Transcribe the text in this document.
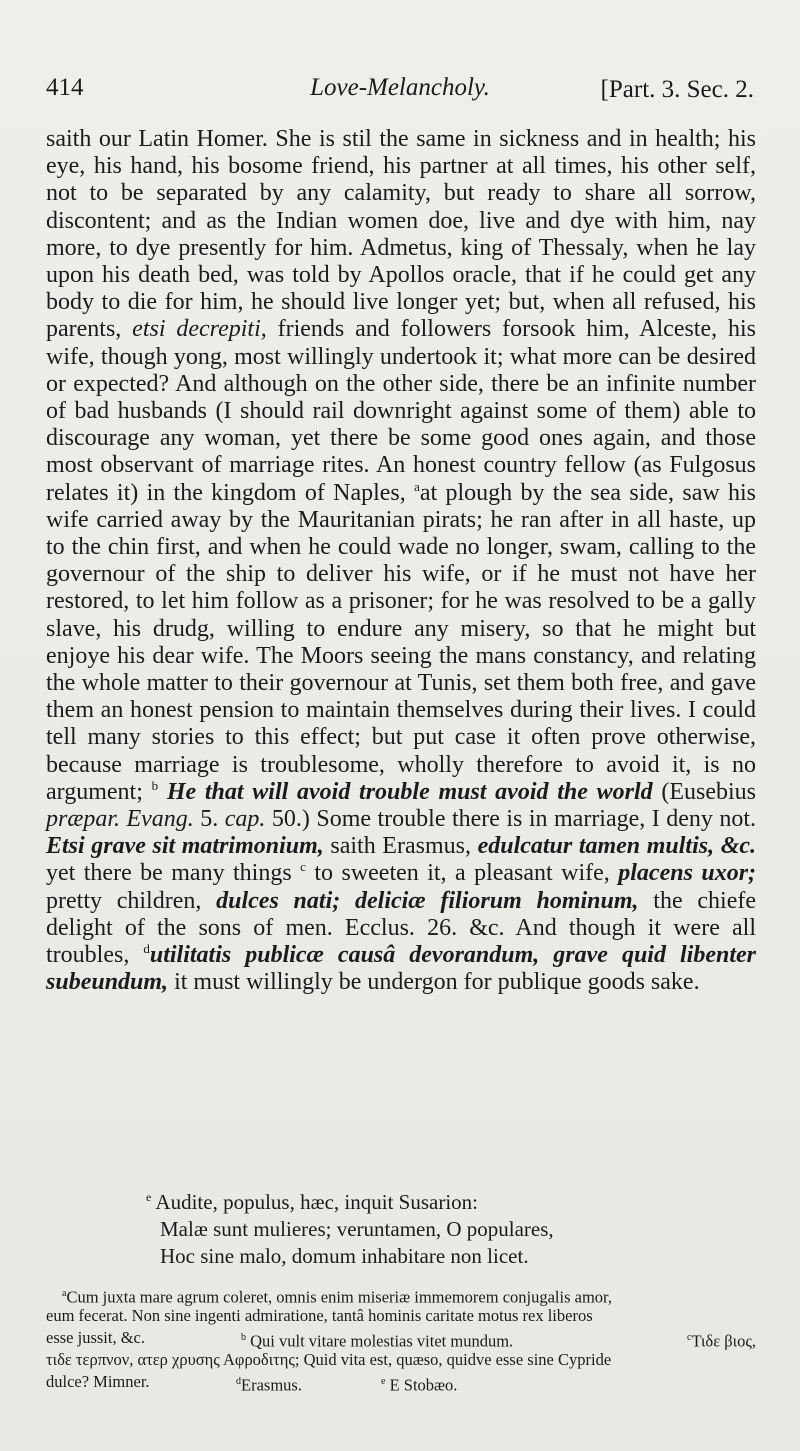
414	Love-Melancholy.	[Part. 3. Sec. 2.

saith our Latin Homer. She is stil the same in sickness and in health; his eye, his hand, his bosome friend, his partner at all times, his other self, not to be separated by any calamity, but ready to share all sorrow, discontent; and as the Indian women doe, live and dye with him, nay more, to dye presently for him. Admetus, king of Thessaly, when he lay upon his death bed, was told by Apollos oracle, that if he could get any body to die for him, he should live longer yet; but, when all refused, his parents, etsi decrepiti, friends and followers forsook him, Alceste, his wife, though yong, most willingly undertook it; what more can be desired or expected? And although on the other side, there be an infinite number of bad husbands (I should rail downright against some of them) able to discourage any woman, yet there be some good ones again, and those most observant of marriage rites. An honest country fellow (as Fulgosus relates it) in the kingdom of Naples, $^a$at plough by the sea side, saw his wife carried away by the Mauritanian pirats; he ran after in all haste, up to the chin first, and when he could wade no longer, swam, calling to the governour of the ship to deliver his wife, or if he must not have her restored, to let him follow as a prisoner; for he was resolved to be a gally slave, his drudg, willing to endure any misery, so that he might but enjoye his dear wife. The Moors seeing the mans constancy, and relating the whole matter to their governour at Tunis, set them both free, and gave them an honest pension to maintain themselves during their lives. I could tell many stories to this effect; but put case it often prove otherwise, because marriage is troublesome, wholly therefore to avoid it, is no argument; $^b$ He that will avoid trouble must avoid the world (Eusebius præpar. Evang. 5. cap. 50.) Some trouble there is in marriage, I deny not. Etsi grave sit matrimonium, saith Erasmus, edulcatur tamen multis, &c. yet there be many things $^c$ to sweeten it, a pleasant wife, placens uxor; pretty children, dulces nati; deliciæ filiorum hominum, the chiefe delight of the sons of men. Ecclus. 26. &c. And though it were all troubles, $^d$utilitatis publicæ causâ devorandum, grave quid libenter subeundum, it must willingly be undergon for publique goods sake.

$^e$ Audite, populus, hæc, inquit Susarion:
Malæ sunt mulieres; veruntamen, O populares,
Hoc sine malo, domum inhabitare non licet.
$^a$Cum juxta mare agrum coleret, omnis enim miseriæ immemorem conjugalis amor,
eum fecerat. Non sine ingenti admiratione, tantâ hominis caritate motus rex liberos
esse jussit, &c.	$^b$ Qui vult vitare molestias vitet mundum.	$^c$Τιδε βιος,
τιδε τερπνον, ατερ χρυσης Αφροδιτης; Quid vita est, quæso, quidve esse sine Cypride
dulce? Mimner.	$^d$Erasmus.	$^e$ E Stobæo.
